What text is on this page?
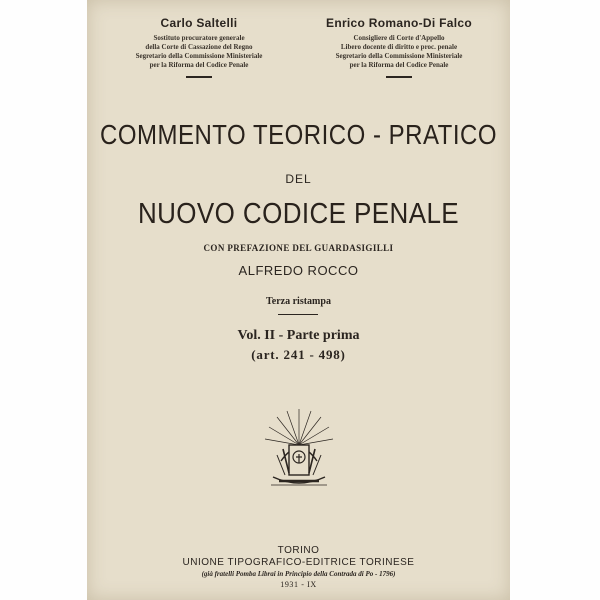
Carlo Saltelli
Sostituto procuratore generale
della Corte di Cassazione del Regno
Segretario della Commissione Ministeriale
per la Riforma del Codice Penale
Enrico Romano-Di Falco
Consigliere di Corte d'Appello
Libero docente di diritto e proc. penale
Segretario della Commissione Ministeriale
per la Riforma del Codice Penale
COMMENTO TEORICO - PRATICO
DEL
NUOVO CODICE PENALE
CON PREFAZIONE DEL GUARDASIGILLI
ALFREDO ROCCO
Terza ristampa
Vol. II - Parte prima
(art. 241 - 498)
TORINO
UNIONE TIPOGRAFICO-EDITRICE TORINESE
(già fratelli Pomba Librai in Principio della Contrada di Po - 1796)
1931 - IX
